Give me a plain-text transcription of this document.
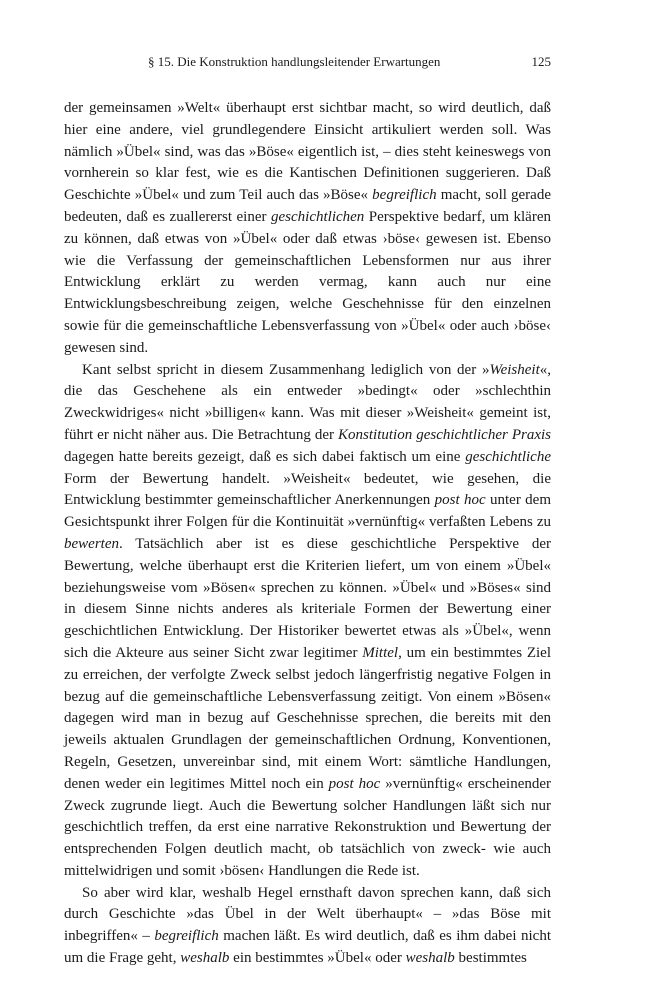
§ 15. Die Konstruktion handlungsleitender Erwartungen	125

der gemeinsamen »Welt« überhaupt erst sichtbar macht, so wird deutlich, daß hier eine andere, viel grundlegendere Einsicht artikuliert werden soll. Was nämlich »Übel« sind, was das »Böse« eigentlich ist, – dies steht keineswegs von vornherein so klar fest, wie es die Kantischen Definitionen suggerieren. Daß Geschichte »Übel« und zum Teil auch das »Böse« begreiflich macht, soll gerade bedeuten, daß es zuallererst einer geschichtlichen Perspektive bedarf, um klären zu können, daß etwas von »Übel« oder daß etwas ›böse‹ gewesen ist. Ebenso wie die Verfassung der gemeinschaftlichen Lebensformen nur aus ihrer Entwicklung erklärt zu werden vermag, kann auch nur eine Entwicklungsbeschreibung zeigen, welche Geschehnisse für den einzelnen sowie für die gemeinschaftliche Lebensverfassung von »Übel« oder auch ›böse‹ gewesen sind.

Kant selbst spricht in diesem Zusammenhang lediglich von der »Weisheit«, die das Geschehene als ein entweder »bedingt« oder »schlechthin Zweckwidriges« nicht »billigen« kann. Was mit dieser »Weisheit« gemeint ist, führt er nicht näher aus. Die Betrachtung der Konstitution geschichtlicher Praxis dagegen hatte bereits gezeigt, daß es sich dabei faktisch um eine geschichtliche Form der Bewertung handelt. »Weisheit« bedeutet, wie gesehen, die Entwicklung bestimmter gemeinschaftlicher Anerkennungen post hoc unter dem Gesichtspunkt ihrer Folgen für die Kontinuität »vernünftig« verfaßten Lebens zu bewerten. Tatsächlich aber ist es diese geschichtliche Perspektive der Bewertung, welche überhaupt erst die Kriterien liefert, um von einem »Übel« beziehungsweise vom »Bösen« sprechen zu können. »Übel« und »Böses« sind in diesem Sinne nichts anderes als kriteriale Formen der Bewertung einer geschichtlichen Entwicklung. Der Historiker bewertet etwas als »Übel«, wenn sich die Akteure aus seiner Sicht zwar legitimer Mittel, um ein bestimmtes Ziel zu erreichen, der verfolgte Zweck selbst jedoch längerfristig negative Folgen in bezug auf die gemeinschaftliche Lebensverfassung zeitigt. Von einem »Bösen« dagegen wird man in bezug auf Geschehnisse sprechen, die bereits mit den jeweils aktualen Grundlagen der gemeinschaftlichen Ordnung, Konventionen, Regeln, Gesetzen, unvereinbar sind, mit einem Wort: sämtliche Handlungen, denen weder ein legitimes Mittel noch ein post hoc »vernünftig« erscheinender Zweck zugrunde liegt. Auch die Bewertung solcher Handlungen läßt sich nur geschichtlich treffen, da erst eine narrative Rekonstruktion und Bewertung der entsprechenden Folgen deutlich macht, ob tatsächlich von zweck- wie auch mittelwidrigen und somit ›bösen‹ Handlungen die Rede ist.

So aber wird klar, weshalb Hegel ernsthaft davon sprechen kann, daß sich durch Geschichte »das Übel in der Welt überhaupt« – »das Böse mit inbegriffen« – begreiflich machen läßt. Es wird deutlich, daß es ihm dabei nicht um die Frage geht, weshalb ein bestimmtes »Übel« oder weshalb bestimmtes
